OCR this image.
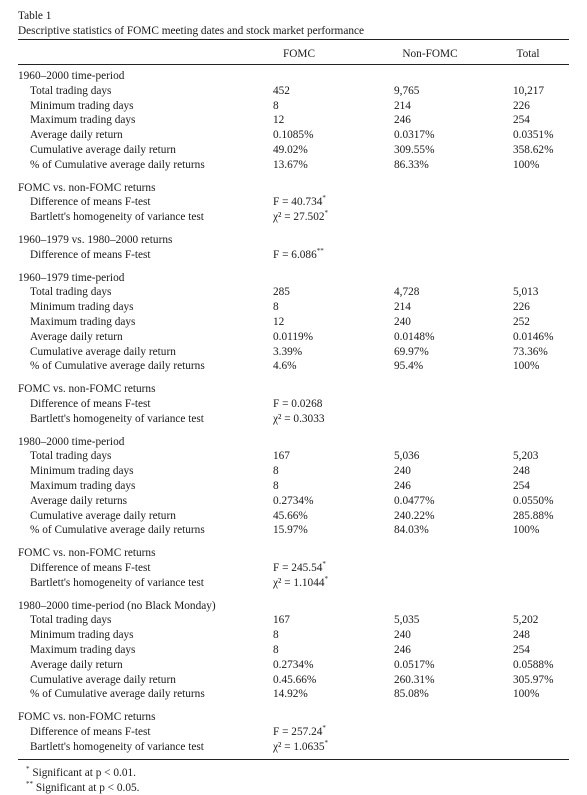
Table 1
Descriptive statistics of FOMC meeting dates and stock market performance
FOMC	Non-FOMC	Total
1960–2000 time-period
Total trading days	452	9,765	10,217
Minimum trading days	8	214	226
Maximum trading days	12	246	254
Average daily return	0.1085%	0.0317%	0.0351%
Cumulative average daily return	49.02%	309.55%	358.62%
% of Cumulative average daily returns	13.67%	86.33%	100%
FOMC vs. non-FOMC returns
Difference of means F-test	F = 40.734*
Bartlett's homogeneity of variance test	χ² = 27.502*
1960–1979 vs. 1980–2000 returns
Difference of means F-test	F = 6.086**
1960–1979 time-period
Total trading days	285	4,728	5,013
Minimum trading days	8	214	226
Maximum trading days	12	240	252
Average daily return	0.0119%	0.0148%	0.0146%
Cumulative average daily return	3.39%	69.97%	73.36%
% of Cumulative average daily returns	4.6%	95.4%	100%
FOMC vs. non-FOMC returns
Difference of means F-test	F = 0.0268
Bartlett's homogeneity of variance test	χ² = 0.3033
1980–2000 time-period
Total trading days	167	5,036	5,203
Minimum trading days	8	240	248
Maximum trading days	8	246	254
Average daily returns	0.2734%	0.0477%	0.0550%
Cumulative average daily return	45.66%	240.22%	285.88%
% of Cumulative average daily returns	15.97%	84.03%	100%
FOMC vs. non-FOMC returns
Difference of means F-test	F = 245.54*
Bartlett's homogeneity of variance test	χ² = 1.1044*
1980–2000 time-period (no Black Monday)
Total trading days	167	5,035	5,202
Minimum trading days	8	240	248
Maximum trading days	8	246	254
Average daily return	0.2734%	0.0517%	0.0588%
Cumulative average daily return	0.45.66%	260.31%	305.97%
% of Cumulative average daily returns	14.92%	85.08%	100%
FOMC vs. non-FOMC returns
Difference of means F-test	F = 257.24*
Bartlett's homogeneity of variance test	χ² = 1.0635*
* Significant at p < 0.01.
** Significant at p < 0.05.
